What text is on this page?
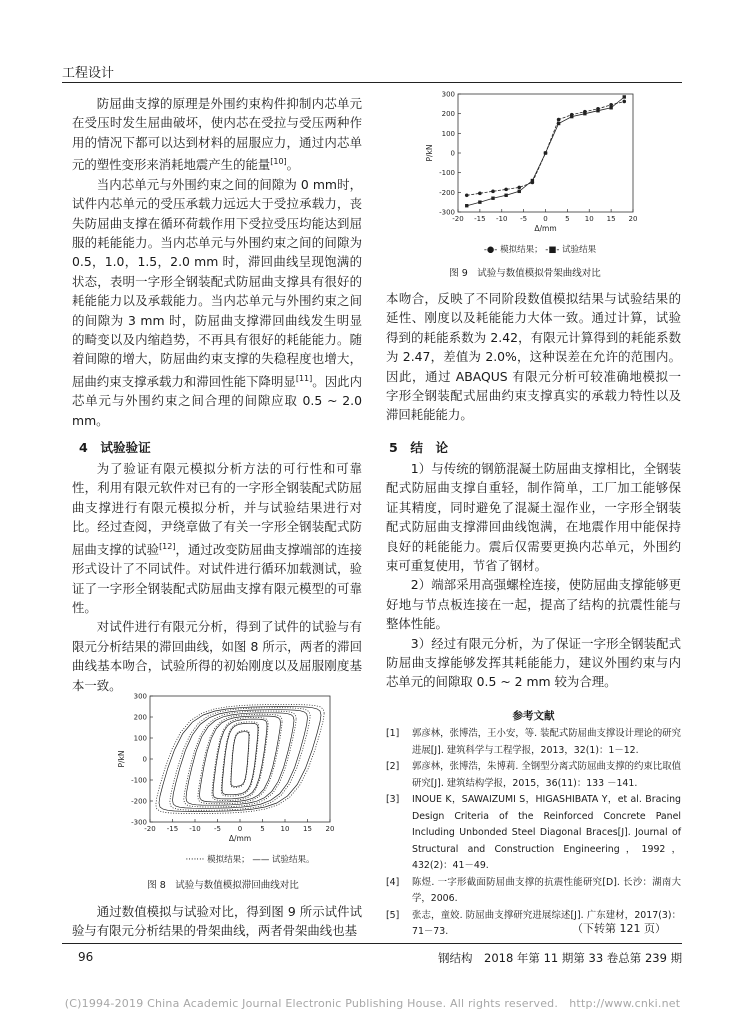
工程设计

防屈曲支撑的原理是外围约束构件抑制内芯单元在受压时发生屈曲破坏，使内芯在受拉与受压两种作用的情况下都可以达到材料的屈服应力，通过内芯单元的塑性变形来消耗地震产生的能量[10]。

当内芯单元与外围约束之间的间隙为 0 mm时，试件内芯单元的受压承载力远远大于受拉承载力，丧失防屈曲支撑在循环荷载作用下受拉受压均能达到屈服的耗能能力。当内芯单元与外围约束之间的间隙为 0.5，1.0，1.5，2.0 mm 时，滞回曲线呈现饱满的状态，表明一字形全钢装配式防屈曲支撑具有很好的耗能能力以及承载能力。当内芯单元与外围约束之间的间隙为 3 mm 时，防屈曲支撑滞回曲线发生明显的畸变以及内缩趋势，不再具有很好的耗能能力。随着间隙的增大，防屈曲约束支撑的失稳程度也增大，屈曲约束支撑承载力和滞回性能下降明显[11]。因此内芯单元与外围约束之间合理的间隙应取 0.5 ~ 2.0 mm。

4　试验验证

为了验证有限元模拟分析方法的可行性和可靠性，利用有限元软件对已有的一字形全钢装配式防屈曲支撑进行有限元模拟分析，并与试验结果进行对比。经过查阅，尹绕章做了有关一字形全钢装配式防屈曲支撑的试验[12]，通过改变防屈曲支撑端部的连接形式设计了不同试件。对试件进行循环加载测试，验证了一字形全钢装配式防屈曲支撑有限元模型的可靠性。

对试件进行有限元分析，得到了试件的试验与有限元分析结果的滞回曲线，如图 8 所示，两者的滞回曲线基本吻合，试验所得的初始刚度以及屈服刚度基本一致。

-20 -15 -10 -5 0	5 10 15 20
-300
-200
-100
0
100
200
300
Δ/mm
P/kN
······· 模拟结果； —— 试验结果。
图 8　试验与数值模拟滞回曲线对比

通过数值模拟与试验对比，得到图 9 所示试件试验与有限元分析结果的骨架曲线，两者骨架曲线也基

-20 -15 -10 -5 0 5 10 15 20
-300
-200
-100
0
100
200
300
Δ/mm
P/kN
-●- 模拟结果； -■- 试验结果
图 9　试验与数值模拟骨架曲线对比

本吻合，反映了不同阶段数值模拟结果与试验结果的延性、刚度以及耗能能力大体一致。通过计算，试验得到的耗能系数为 2.42，有限元计算得到的耗能系数为 2.47，差值为 2.0%，这种误差在允许的范围内。因此，通过 ABAQUS 有限元分析可较准确地模拟一字形全钢装配式屈曲约束支撑真实的承载力特性以及滞回耗能能力。

5　结　论

1）与传统的钢筋混凝土防屈曲支撑相比，全钢装配式防屈曲支撑自重轻，制作简单，工厂加工能够保证其精度，同时避免了混凝土湿作业，一字形全钢装配式防屈曲支撑滞回曲线饱满，在地震作用中能保持良好的耗能能力。震后仅需要更换内芯单元，外围约束可重复使用，节省了钢材。

2）端部采用高强螺栓连接，使防屈曲支撑能够更好地与节点板连接在一起，提高了结构的抗震性能与整体性能。

3）经过有限元分析，为了保证一字形全钢装配式防屈曲支撑能够发挥其耗能能力，建议外围约束与内芯单元的间隙取 0.5 ~ 2 mm 较为合理。

参考文献
[1]	郭彦林，张博浩，王小安，等. 装配式防屈曲支撑设计理论的研究进展[J]. 建筑科学与工程学报，2013，32(1)：1－12.
[2]	郭彦林，张博浩，朱博莉. 全钢型分离式防屈曲支撑的约束比取值研究[J]. 建筑结构学报，2015，36(11)：133 －141.
[3]	INOUE K，SAWAIZUMI S，HIGASHIBATA Y，et al. Bracing Design Criteria of the Reinforced Concrete Panel Including Unbonded Steel Diagonal Braces[J]. Journal of Structural and Construction Engineering，1992，432(2)：41－49.
[4]	陈煜. 一字形截面防屈曲支撑的抗震性能研究[D]. 长沙：湖南大学，2006.
[5]	张志，童姣. 防屈曲支撑研究进展综述[J]. 广东建材，2017(3)：71－73.	（下转第 121 页）
96	钢结构　2018 年第 11 期第 33 卷总第 239 期
(C)1994-2019 China Academic Journal Electronic Publishing House. All rights reserved.　http://www.cnki.net
